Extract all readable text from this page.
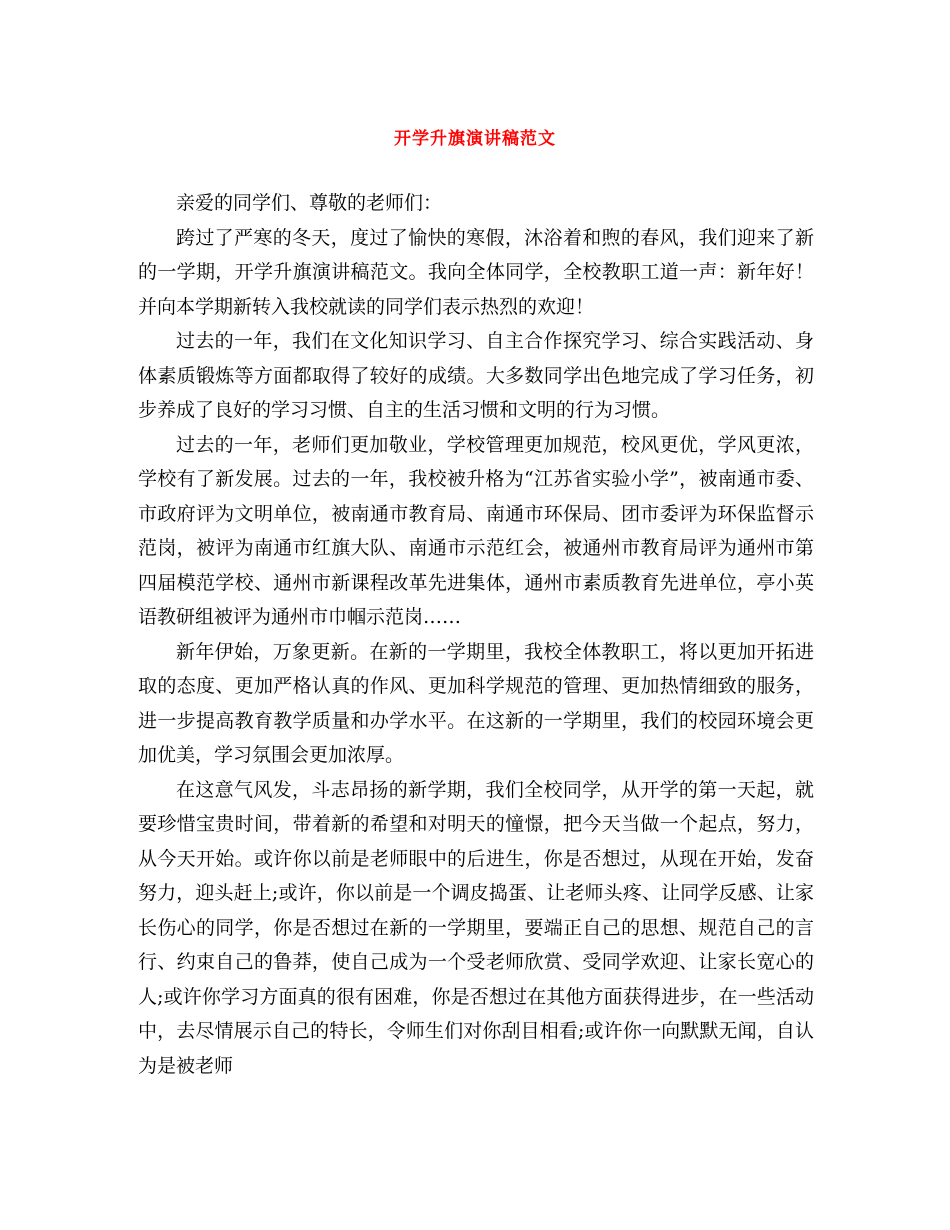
开学升旗演讲稿范文

亲爱的同学们、尊敬的老师们：

跨过了严寒的冬天，度过了愉快的寒假，沐浴着和煦的春风，我们迎来了新的一学期，开学升旗演讲稿范文。我向全体同学，全校教职工道一声：新年好！并向本学期新转入我校就读的同学们表示热烈的欢迎！

过去的一年，我们在文化知识学习、自主合作探究学习、综合实践活动、身体素质锻炼等方面都取得了较好的成绩。大多数同学出色地完成了学习任务，初步养成了良好的学习习惯、自主的生活习惯和文明的行为习惯。

过去的一年，老师们更加敬业，学校管理更加规范，校风更优，学风更浓，学校有了新发展。过去的一年，我校被升格为“江苏省实验小学”，被南通市委、市政府评为文明单位，被南通市教育局、南通市环保局、团市委评为环保监督示范岗，被评为南通市红旗大队、南通市示范红会，被通州市教育局评为通州市第四届模范学校、通州市新课程改革先进集体，通州市素质教育先进单位，亭小英语教研组被评为通州市巾帼示范岗……

新年伊始，万象更新。在新的一学期里，我校全体教职工，将以更加开拓进取的态度、更加严格认真的作风、更加科学规范的管理、更加热情细致的服务，进一步提高教育教学质量和办学水平。在这新的一学期里，我们的校园环境会更加优美，学习氛围会更加浓厚。

在这意气风发，斗志昂扬的新学期，我们全校同学，从开学的第一天起，就要珍惜宝贵时间，带着新的希望和对明天的憧憬，把今天当做一个起点，努力，从今天开始。或许你以前是老师眼中的后进生，你是否想过，从现在开始，发奋努力，迎头赶上;或许，你以前是一个调皮捣蛋、让老师头疼、让同学反感、让家长伤心的同学，你是否想过在新的一学期里，要端正自己的思想、规范自己的言行、约束自己的鲁莽，使自己成为一个受老师欣赏、受同学欢迎、让家长宽心的人;或许你学习方面真的很有困难，你是否想过在其他方面获得进步，在一些活动中，去尽情展示自己的特长，令师生们对你刮目相看;或许你一向默默无闻，自认为是被老师
